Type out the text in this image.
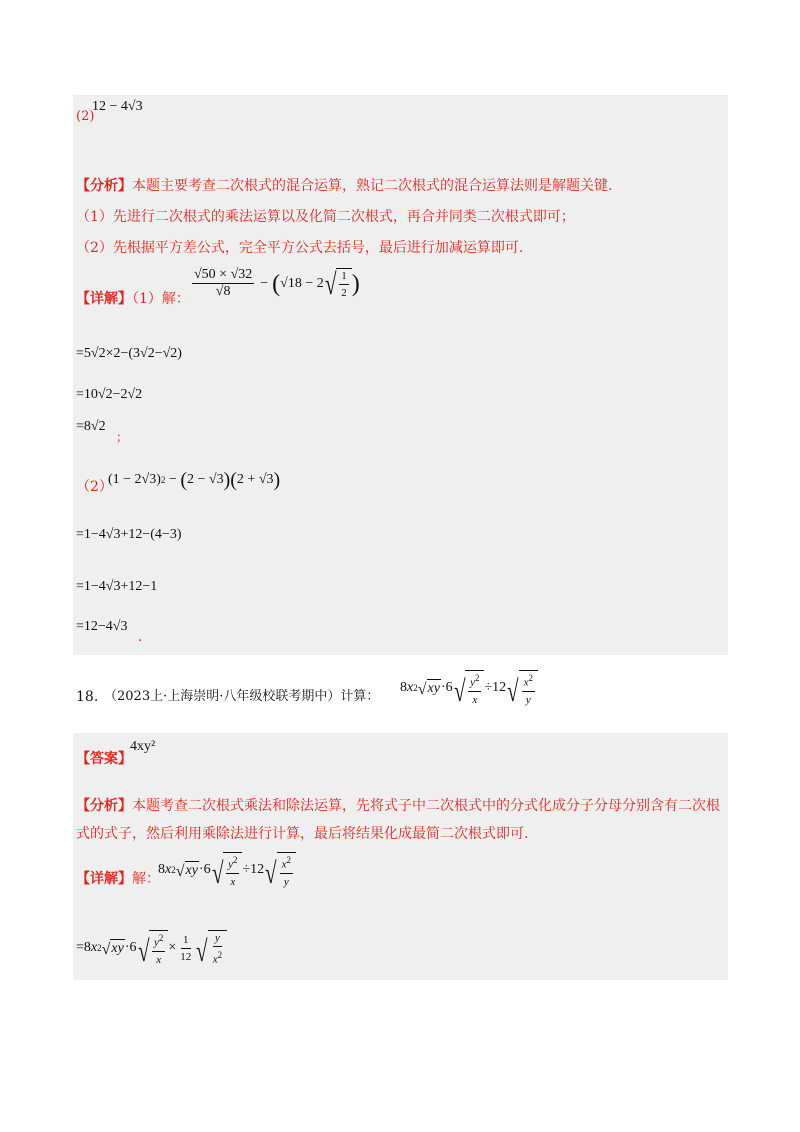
(2)
12 − 4√3
【分析】本题主要考查二次根式的混合运算，熟记二次根式的混合运算法则是解题关键.
（1）先进行二次根式的乘法运算以及化简二次根式，再合并同类二次根式即可；
（2）先根据平方差公式，完全平方公式去括号，最后进行加减运算即可.
【详解】（1）解： $\frac{√50 \times √32}{√8}$ − ( √18 − 2 √ $\frac{1}{2}$ )
=5√2×2−(3√2−√2)
=10√2−2√2
=8√2
；
（2）
(1 − 2√3) 2 − ( 2 − √3 ) ( 2 + √3 )
=1−4√3+12−(4−3)
=1−4√3+12−1
=12−4√3
.
18. （2023上·上海崇明·八年级校联考期中）计算：
8 x 2 √ xy ·6 √ $\frac{y^2}{x} \div 12$ √ $\frac{x^2}{y}$
【答案】
4xy²
【分析】本题考查二次根式乘法和除法运算，先将式子中二次根式中的分式化成分子分母分别含有二次根
式的式子，然后利用乘除法进行计算，最后将结果化成最简二次根式即可.
【详解】解：
8 x 2 √ xy ·6 √ $\frac{y^2}{x} \div 12$ √ $\frac{x^2}{y}$
=8 x 2 √ xy ·6 √ $\frac{y^2}{x} \times \frac{1}{12}$ √ $\frac{y}{x^2}$
